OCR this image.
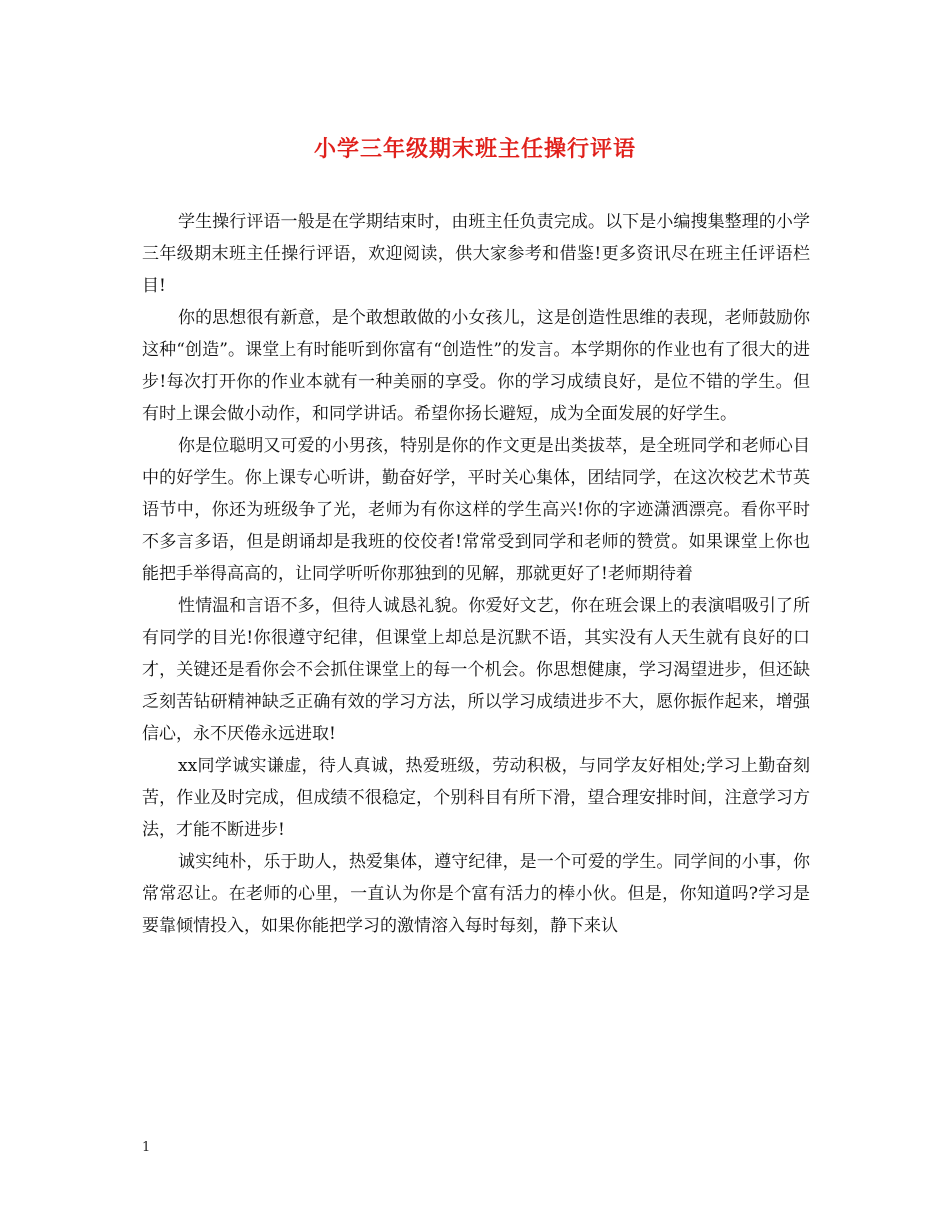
小学三年级期末班主任操行评语

学生操行评语一般是在学期结束时，由班主任负责完成。以下是小编搜集整理的小学三年级期末班主任操行评语，欢迎阅读，供大家参考和借鉴!更多资讯尽在班主任评语栏目!

你的思想很有新意，是个敢想敢做的小女孩儿，这是创造性思维的表现，老师鼓励你这种“创造”。课堂上有时能听到你富有“创造性”的发言。本学期你的作业也有了很大的进步!每次打开你的作业本就有一种美丽的享受。你的学习成绩良好，是位不错的学生。但有时上课会做小动作，和同学讲话。希望你扬长避短，成为全面发展的好学生。

你是位聪明又可爱的小男孩，特别是你的作文更是出类拔萃，是全班同学和老师心目中的好学生。你上课专心听讲，勤奋好学，平时关心集体，团结同学，在这次校艺术节英语节中，你还为班级争了光，老师为有你这样的学生高兴!你的字迹潇洒漂亮。看你平时不多言多语，但是朗诵却是我班的佼佼者!常常受到同学和老师的赞赏。如果课堂上你也能把手举得高高的，让同学听听你那独到的见解，那就更好了!老师期待着

性情温和言语不多，但待人诚恳礼貌。你爱好文艺，你在班会课上的表演唱吸引了所有同学的目光!你很遵守纪律，但课堂上却总是沉默不语，其实没有人天生就有良好的口才，关键还是看你会不会抓住课堂上的每一个机会。你思想健康，学习渴望进步，但还缺乏刻苦钻研精神缺乏正确有效的学习方法，所以学习成绩进步不大，愿你振作起来，增强信心，永不厌倦永远进取!

xx同学诚实谦虚，待人真诚，热爱班级，劳动积极，与同学友好相处;学习上勤奋刻苦，作业及时完成，但成绩不很稳定，个别科目有所下滑，望合理安排时间，注意学习方法，才能不断进步!

诚实纯朴，乐于助人，热爱集体，遵守纪律，是一个可爱的学生。同学间的小事，你常常忍让。在老师的心里，一直认为你是个富有活力的棒小伙。但是，你知道吗?学习是要靠倾情投入，如果你能把学习的激情溶入每时每刻，静下来认

1
